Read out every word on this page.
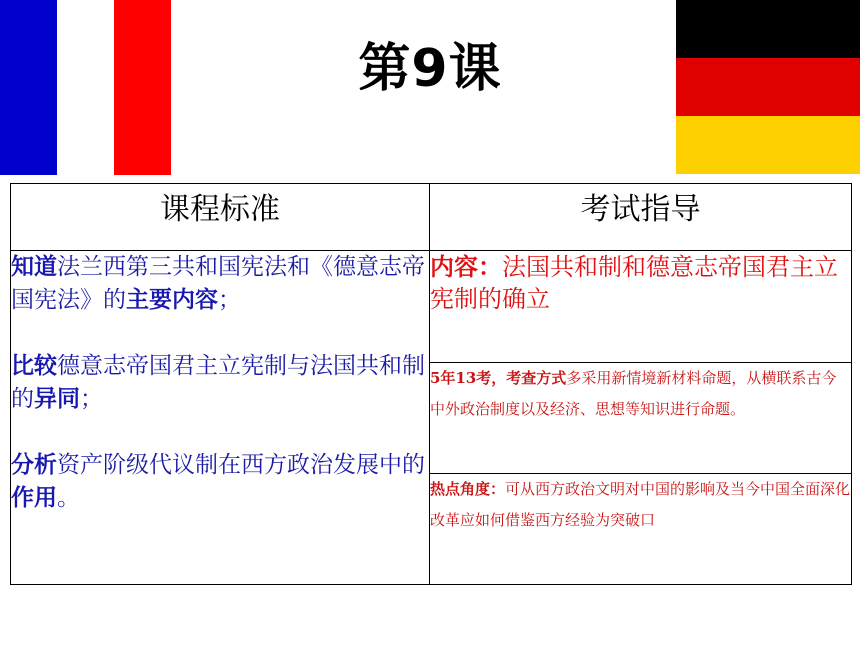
第9课
课程标准	考试指导

知道法兰西第三共和国宪法和《德意志帝国宪法》的主要内容；

比较德意志帝国君主立宪制与法国共和制的异同；

分析资产阶级代议制在西方政治发展中的作用。	内容：法国共和制和德意志帝国君主立宪制的确立
	5年13考，考查方式多采用新情境新材料命题，从横联系古今中外政治制度以及经济、思想等知识进行命题。
	热点角度：可从西方政治文明对中国的影响及当今中国全面深化改革应如何借鉴西方经验为突破口
